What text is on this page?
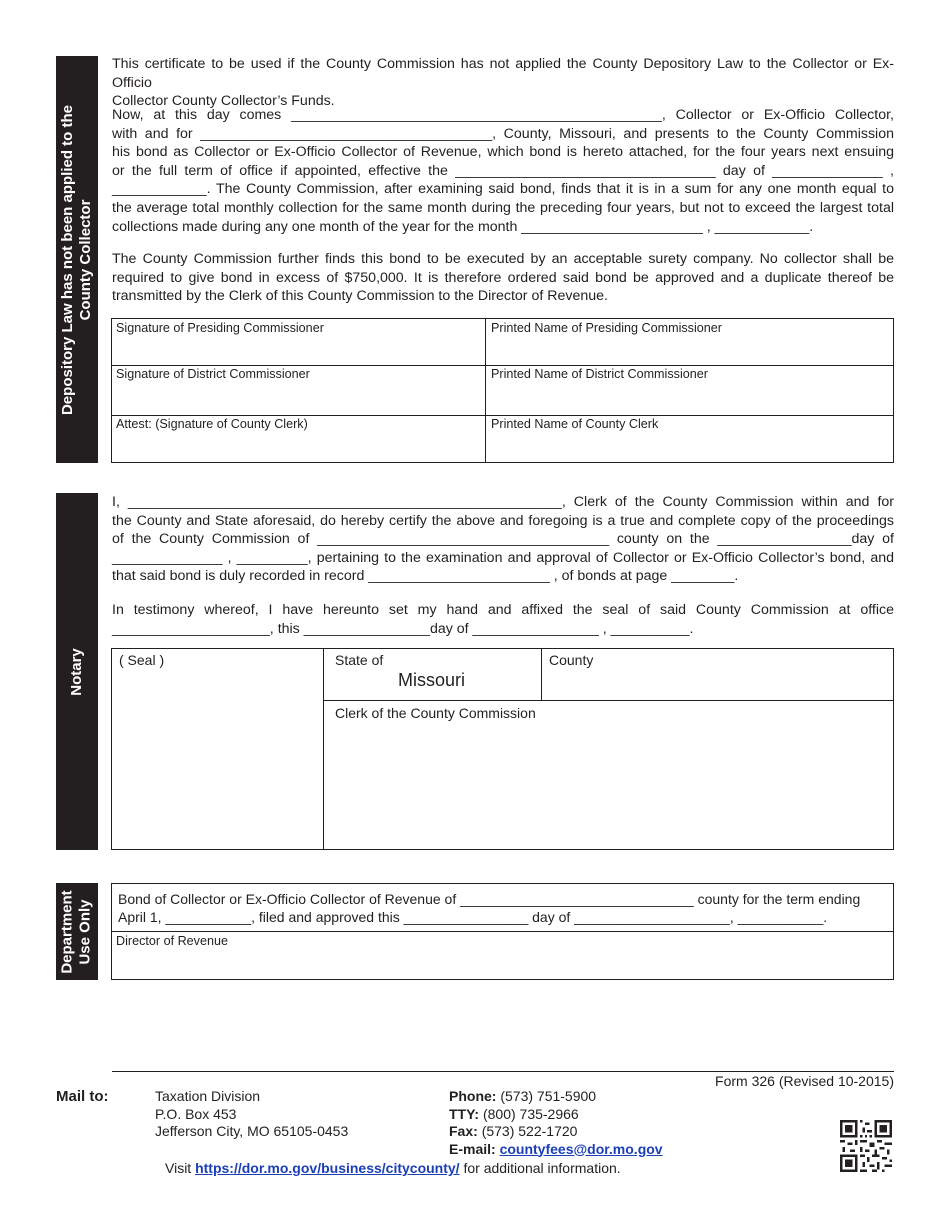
Depository Law has not been applied to the County Collector
This certificate to be used if the County Commission has not applied the County Depository Law to the Collector or Ex-Officio
Collector County Collector’s Funds.
Now, at this day comes _______________________________________________, Collector or Ex-Officio Collector,
with and for _____________________________________, County, Missouri, and presents to the County Commission
his bond as Collector or Ex-Officio Collector of Revenue, which bond is hereto attached, for the four years next ensuing
or the full term of office if appointed, effective the _________________________________ day of ______________ ,
____________. The County Commission, after examining said bond, finds that it is in a sum for any one month equal to
the average total monthly collection for the same month during the preceding four years, but not to exceed the largest total
collections made during any one month of the year for the month _______________________ , ____________.
The County Commission further finds this bond to be executed by an acceptable surety company. No collector shall be
required to give bond in excess of $750,000. It is therefore ordered said bond be approved and a duplicate thereof be
transmitted by the Clerk of this County Commission to the Director of Revenue.
Signature of Presiding Commissioner	Printed Name of Presiding Commissioner
Signature of District Commissioner	Printed Name of District Commissioner
Attest: (Signature of County Clerk)	Printed Name of County Clerk
Notary
I, _______________________________________________________, Clerk of the County Commission within and for
the County and State aforesaid, do hereby certify the above and foregoing is a true and complete copy of the proceedings
of the County Commission of _____________________________________ county on the _________________day of
______________ , _________, pertaining to the examination and approval of Collector or Ex-Officio Collector’s bond, and
that said bond is duly recorded in record _______________________ , of bonds at page ________.
In testimony whereof, I have hereunto set my hand and affixed the seal of said County Commission at office
____________________, this ________________day of ________________ , __________.
( Seal )	State of
Missouri
County
Clerk of the County Commission
Department Use Only Bond of Collector or Ex-Officio Collector of Revenue of ______________________________ county for the term ending
April 1, ___________, filed and approved this ________________ day of ____________________, ___________.
Director of Revenue
Form 326 (Revised 10-2015)
Mail to:	Taxation Division
P.O. Box 453
Jefferson City, MO 65105-0453
Phone: (573) 751-5900
TTY: (800) 735-2966
Fax: (573) 522-1720
E-mail: countyfees@dor.mo.gov
Visit https://dor.mo.gov/business/citycounty/ for additional information.
